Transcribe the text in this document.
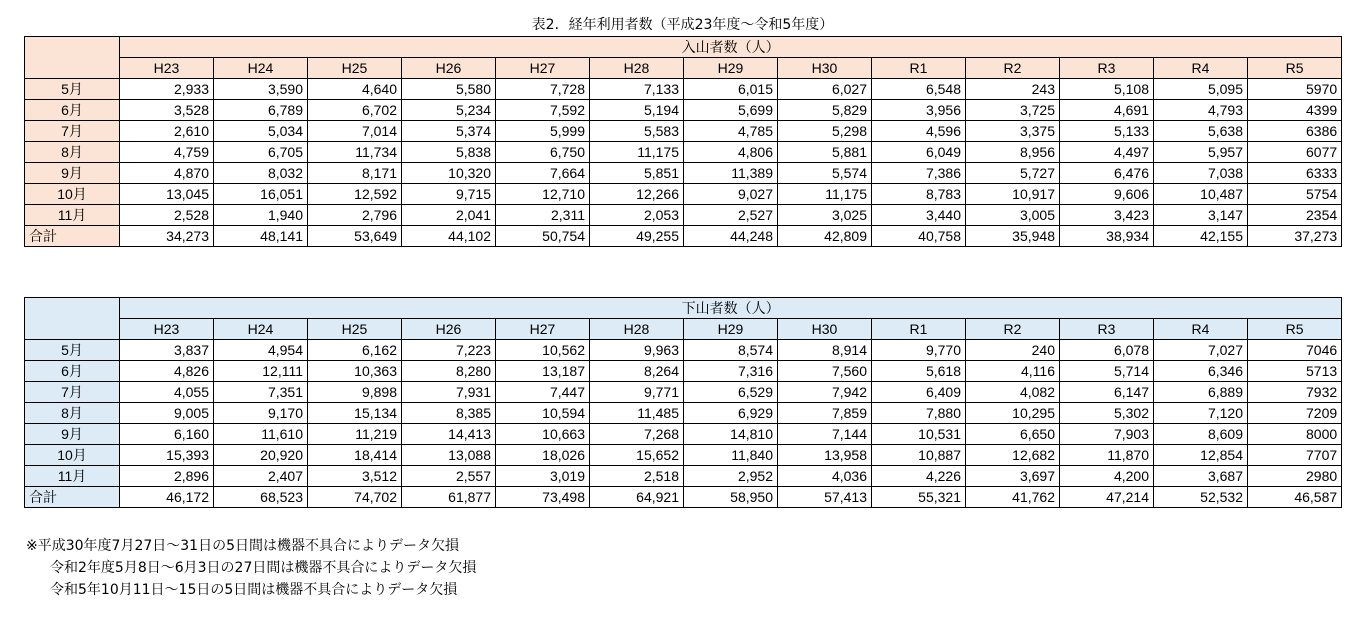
表2．経年利用者数（平成23年度～令和5年度）
	入山者数（人）												
	H23	H24	H25	H26	H27	H28	H29	H30	R1	R2	R3	R4	R5
5月	2,933	3,590	4,640	5,580	7,728	7,133	6,015	6,027	6,548	243	5,108	5,095	5970
6月	3,528	6,789	6,702	5,234	7,592	5,194	5,699	5,829	3,956	3,725	4,691	4,793	4399
7月	2,610	5,034	7,014	5,374	5,999	5,583	4,785	5,298	4,596	3,375	5,133	5,638	6386
8月	4,759	6,705	11,734	5,838	6,750	11,175	4,806	5,881	6,049	8,956	4,497	5,957	6077
9月	4,870	8,032	8,171	10,320	7,664	5,851	11,389	5,574	7,386	5,727	6,476	7,038	6333
10月	13,045	16,051	12,592	9,715	12,710	12,266	9,027	11,175	8,783	10,917	9,606	10,487	5754
11月	2,528	1,940	2,796	2,041	2,311	2,053	2,527	3,025	3,440	3,005	3,423	3,147	2354
合計	34,273	48,141	53,649	44,102	50,754	49,255	44,248	42,809	40,758	35,948	38,934	42,155	37,273
	下山者数（人）												
	H23	H24	H25	H26	H27	H28	H29	H30	R1	R2	R3	R4	R5
5月	3,837	4,954	6,162	7,223	10,562	9,963	8,574	8,914	9,770	240	6,078	7,027	7046
6月	4,826	12,111	10,363	8,280	13,187	8,264	7,316	7,560	5,618	4,116	5,714	6,346	5713
7月	4,055	7,351	9,898	7,931	7,447	9,771	6,529	7,942	6,409	4,082	6,147	6,889	7932
8月	9,005	9,170	15,134	8,385	10,594	11,485	6,929	7,859	7,880	10,295	5,302	7,120	7209
9月	6,160	11,610	11,219	14,413	10,663	7,268	14,810	7,144	10,531	6,650	7,903	8,609	8000
10月	15,393	20,920	18,414	13,088	18,026	15,652	11,840	13,958	10,887	12,682	11,870	12,854	7707
11月	2,896	2,407	3,512	2,557	3,019	2,518	2,952	4,036	4,226	3,697	4,200	3,687	2980
合計	46,172	68,523	74,702	61,877	73,498	64,921	58,950	57,413	55,321	41,762	47,214	52,532	46,587
※平成30年度7月27日～31日の5日間は機器不具合によりデータ欠損
令和2年度5月8日～6月3日の27日間は機器不具合によりデータ欠損
令和5年10月11日～15日の5日間は機器不具合によりデータ欠損
